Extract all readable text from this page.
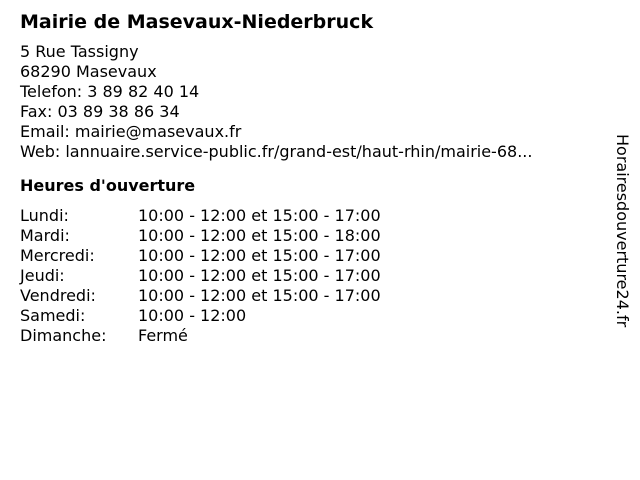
Mairie de Masevaux-Niederbruck
5 Rue Tassigny
68290 Masevaux
Telefon: 3 89 82 40 14
Fax: 03 89 38 86 34
Email: mairie@masevaux.fr
Web: lannuaire.service-public.fr/grand-est/haut-rhin/mairie-68...
Heures d'ouverture
Lundi:	10:00 - 12:00 et 15:00 - 17:00
Mardi:	10:00 - 12:00 et 15:00 - 18:00
Mercredi:	10:00 - 12:00 et 15:00 - 17:00
Jeudi:	10:00 - 12:00 et 15:00 - 17:00
Vendredi:	10:00 - 12:00 et 15:00 - 17:00
Samedi:	10:00 - 12:00
Dimanche:	Fermé
Horairesdouverture24.fr
